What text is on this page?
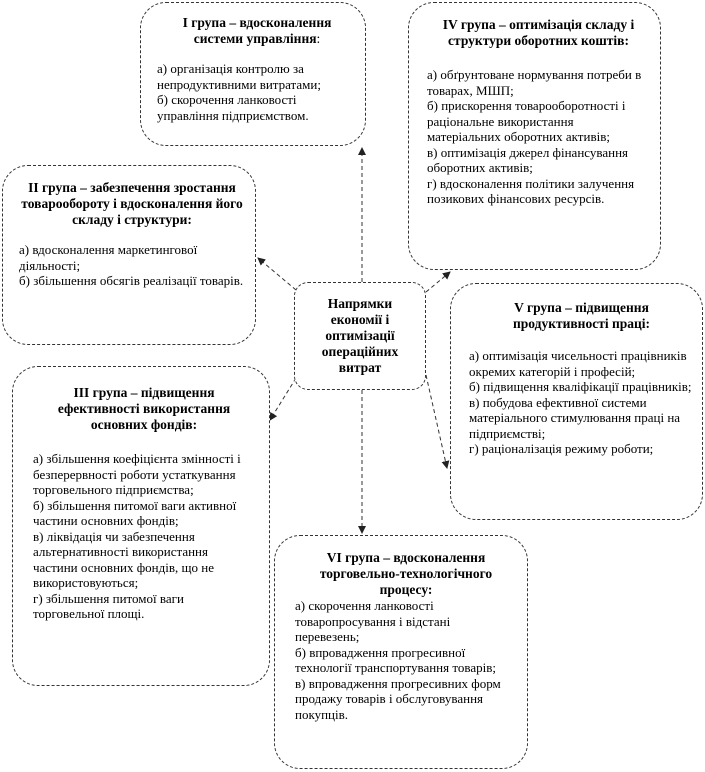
Напрямки економії і оптимізації операційних витрат
I група – вдосконалення системи управління:
а) організація контролю за непродуктивними витратами;
б) скорочення ланковості управління підприємством.
II група – забезпечення зростання товарообороту і вдосконалення його складу і структури:
а) вдосконалення маркетингової діяльності;
б) збільшення обсягів реалізації товарів.
III група – підвищення ефективності використання основних фондів:
а) збільшення коефіцієнта змінності і безперервності роботи устаткування торговельного підприємства;
б) збільшення питомої ваги активної частини основних фондів;
в) ліквідація чи забезпечення альтернативності використання частини основних фондів, що не використовуються;
г) збільшення питомої ваги торговельної площі.
IV група – оптимізація складу і структури оборотних коштів:
а) обґрунтоване нормування потреби в товарах, МШП;
б) прискорення товарооборотності і раціональне використання матеріальних оборотних активів;
в) оптимізація джерел фінансування оборотних активів;
г) вдосконалення політики залучення позикових фінансових ресурсів.
V група – підвищення продуктивності праці:
а) оптимізація чисельності працівників окремих категорій і професій;
б) підвищення кваліфікації працівників;
в) побудова ефективної системи матеріального стимулювання праці на підприємстві;
г) раціоналізація режиму роботи;
VI група – вдосконалення торговельно-технологічного процесу:
а) скорочення ланковості товаропросування і відстані перевезень;
б) впровадження прогресивної технології транспортування товарів;
в) впровадження прогресивних форм продажу товарів і обслуговування покупців.
